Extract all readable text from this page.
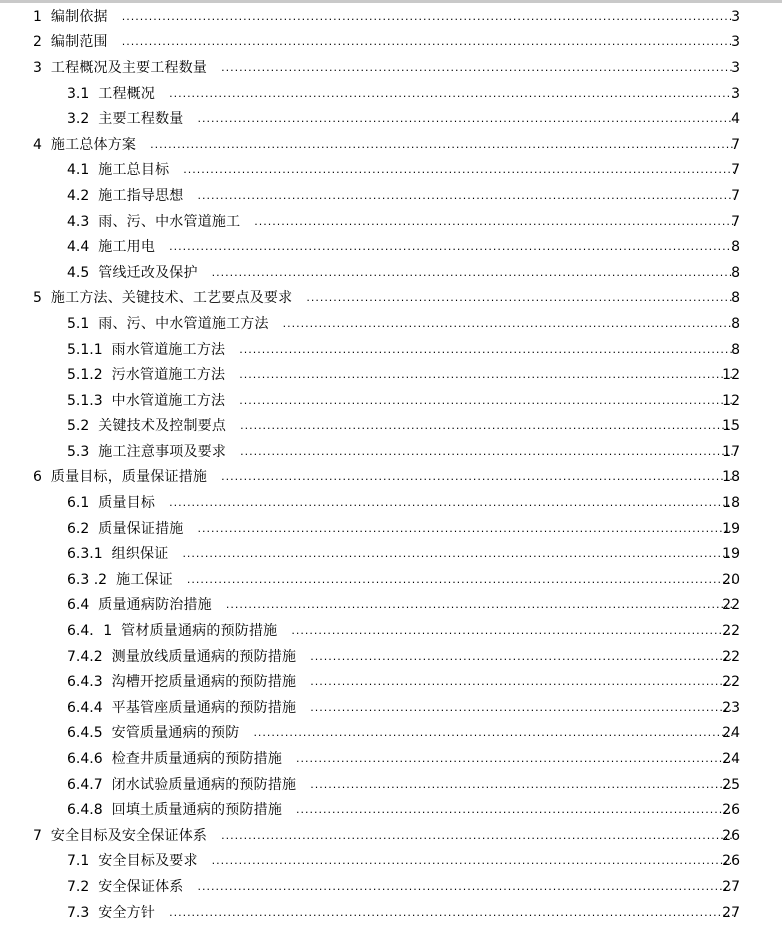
1 编制依据 .....	3
2 编制范围 .....	3
3 工程概况及主要工程数量 .....	3
3.1 工程概况 .....	3
3.2 主要工程数量 .....	4
4 施工总体方案 .....	7
4.1 施工总目标 .....	7
4.2 施工指导思想 .....	7
4.3 雨、污、中水管道施工 .....	7
4.4 施工用电 .....	8
4.5 管线迁改及保护 .....	8
5 施工方法、关键技术、工艺要点及要求 .....	8
5.1 雨、污、中水管道施工方法 .....	8
5.1.1 雨水管道施工方法 .....	8
5.1.2 污水管道施工方法 .....	12
5.1.3 中水管道施工方法 .....	12
5.2 关键技术及控制要点 .....	15
5.3 施工注意事项及要求 .....	17
6 质量目标，质量保证措施 .....	18
6.1 质量目标 .....	18
6.2 质量保证措施 .....	19
6.3.1 组织保证 .....	19
6.3 .2 施工保证 .....	20
6.4 质量通病防治措施 .....	22
6.4．1 管材质量通病的预防措施 .....	22
7.4.2 测量放线质量通病的预防措施 .....	22
6.4.3 沟槽开挖质量通病的预防措施 .....	22
6.4.4 平基管座质量通病的预防措施 .....	23
6.4.5 安管质量通病的预防 .....	24
6.4.6 检查井质量通病的预防措施 .....	24
6.4.7 闭水试验质量通病的预防措施 .....	25
6.4.8 回填土质量通病的预防措施 .....	26
7 安全目标及安全保证体系 .....	26
7.1 安全目标及要求 .....	26
7.2 安全保证体系 .....	27
7.3 安全方针 .....	27
